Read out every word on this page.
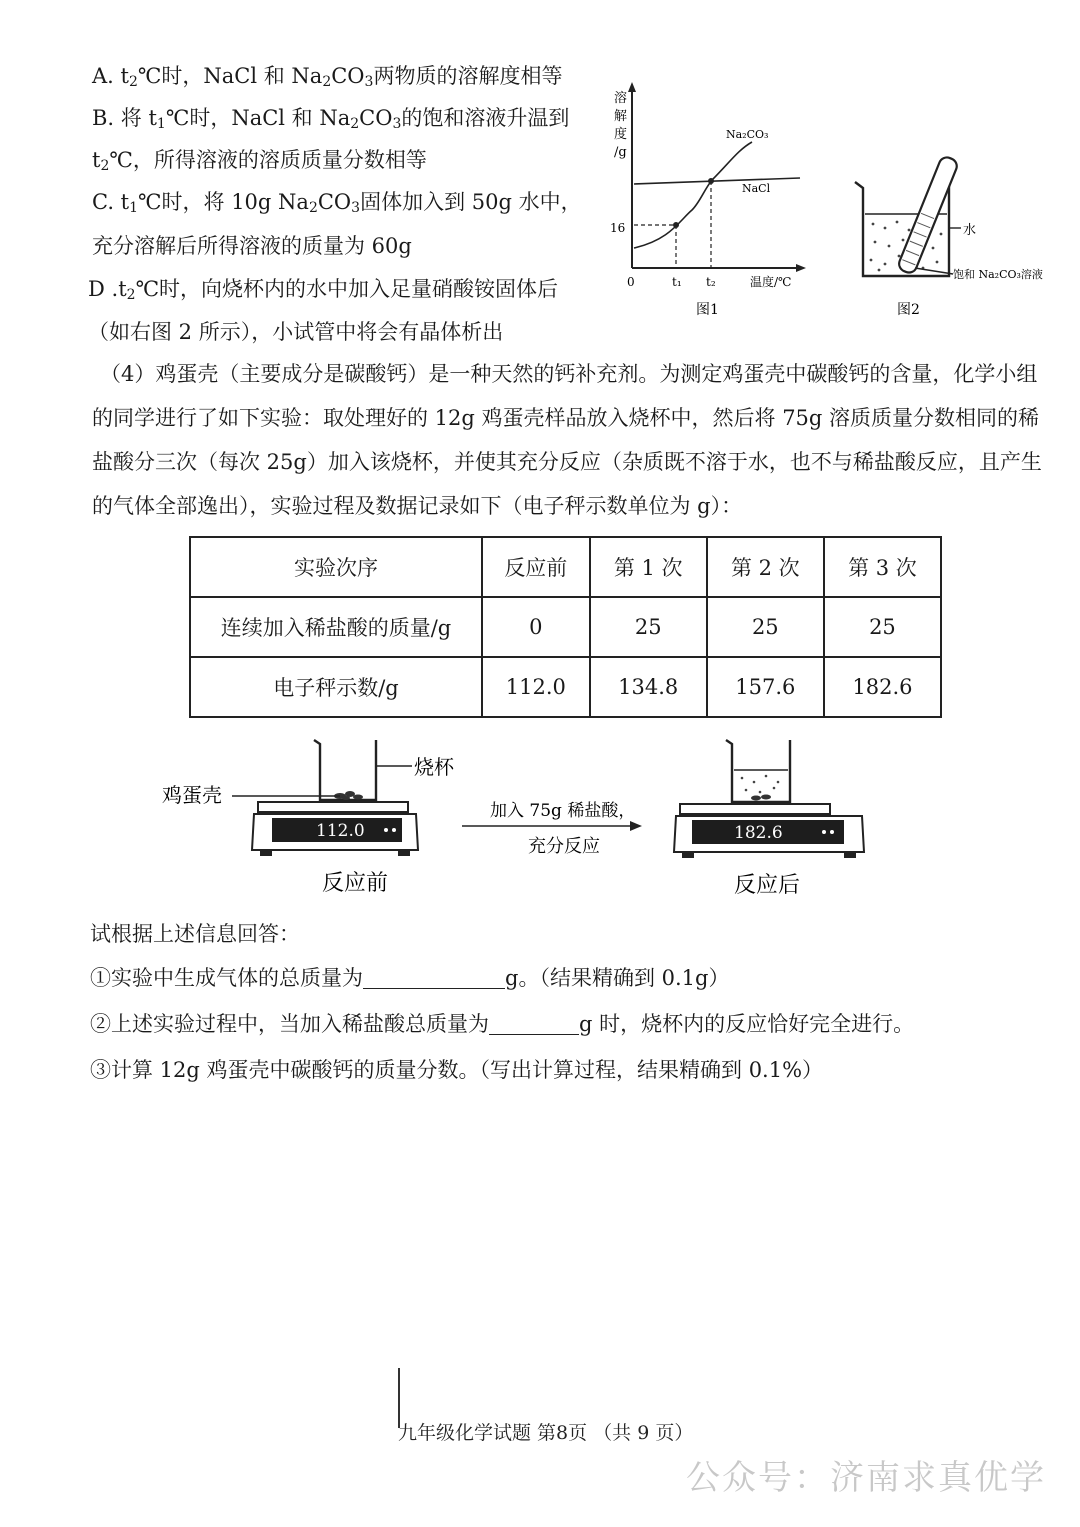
A. $t_2℃$时，NaCl 和 $Na_2CO_3$两物质的溶解度相等
B. 将 $t_1℃$时，NaCl 和 $Na_2CO_3$的饱和溶液升温到
$t_2℃$，所得溶液的溶质质量分数相等
C. $t_1℃$时，将 10g $Na_2CO_3$固体加入到 50g 水中，
充分溶解后所得溶液的质量为 60g
D $.t_2℃$时，向烧杯内的水中加入足量硝酸铵固体后
（如右图 2 所示），小试管中将会有晶体析出
溶
解
度
/g
Na₂CO₃
NaCl
16
0	t₁ t₂	温度/℃
图1
水
饱和 Na₂CO₃溶液
图2
（4）鸡蛋壳（主要成分是碳酸钙）是一种天然的钙补充剂。为测定鸡蛋壳中碳酸钙的含量，化学小组的同学进行了如下实验：取处理好的 12g 鸡蛋壳样品放入烧杯中，然后将 75g 溶质质量分数相同的稀盐酸分三次（每次 25g）加入该烧杯，并使其充分反应（杂质既不溶于水，也不与稀盐酸反应，且产生的气体全部逸出），实验过程及数据记录如下（电子秤示数单位为 g）：
实验次序	反应前	第 1 次	第 2 次	第 3 次
连续加入稀盐酸的质量/g	0	25	25	25
电子秤示数/g	112.0	134.8	157.6	182.6
烧杯
鸡蛋壳
112.0
反应前
加入 75g 稀盐酸，
充分反应
182.6
反应后
试根据上述信息回答：
①实验中生成气体的总质量为	g。（结果精确到 0.1g）
②上述实验过程中，当加入稀盐酸总质量为	g 时，烧杯内的反应恰好完全进行。
③计算 12g 鸡蛋壳中碳酸钙的质量分数。（写出计算过程，结果精确到 0.1%）
九年级化学试题 第8页 （共 9 页）
公众号：济南求真优学
